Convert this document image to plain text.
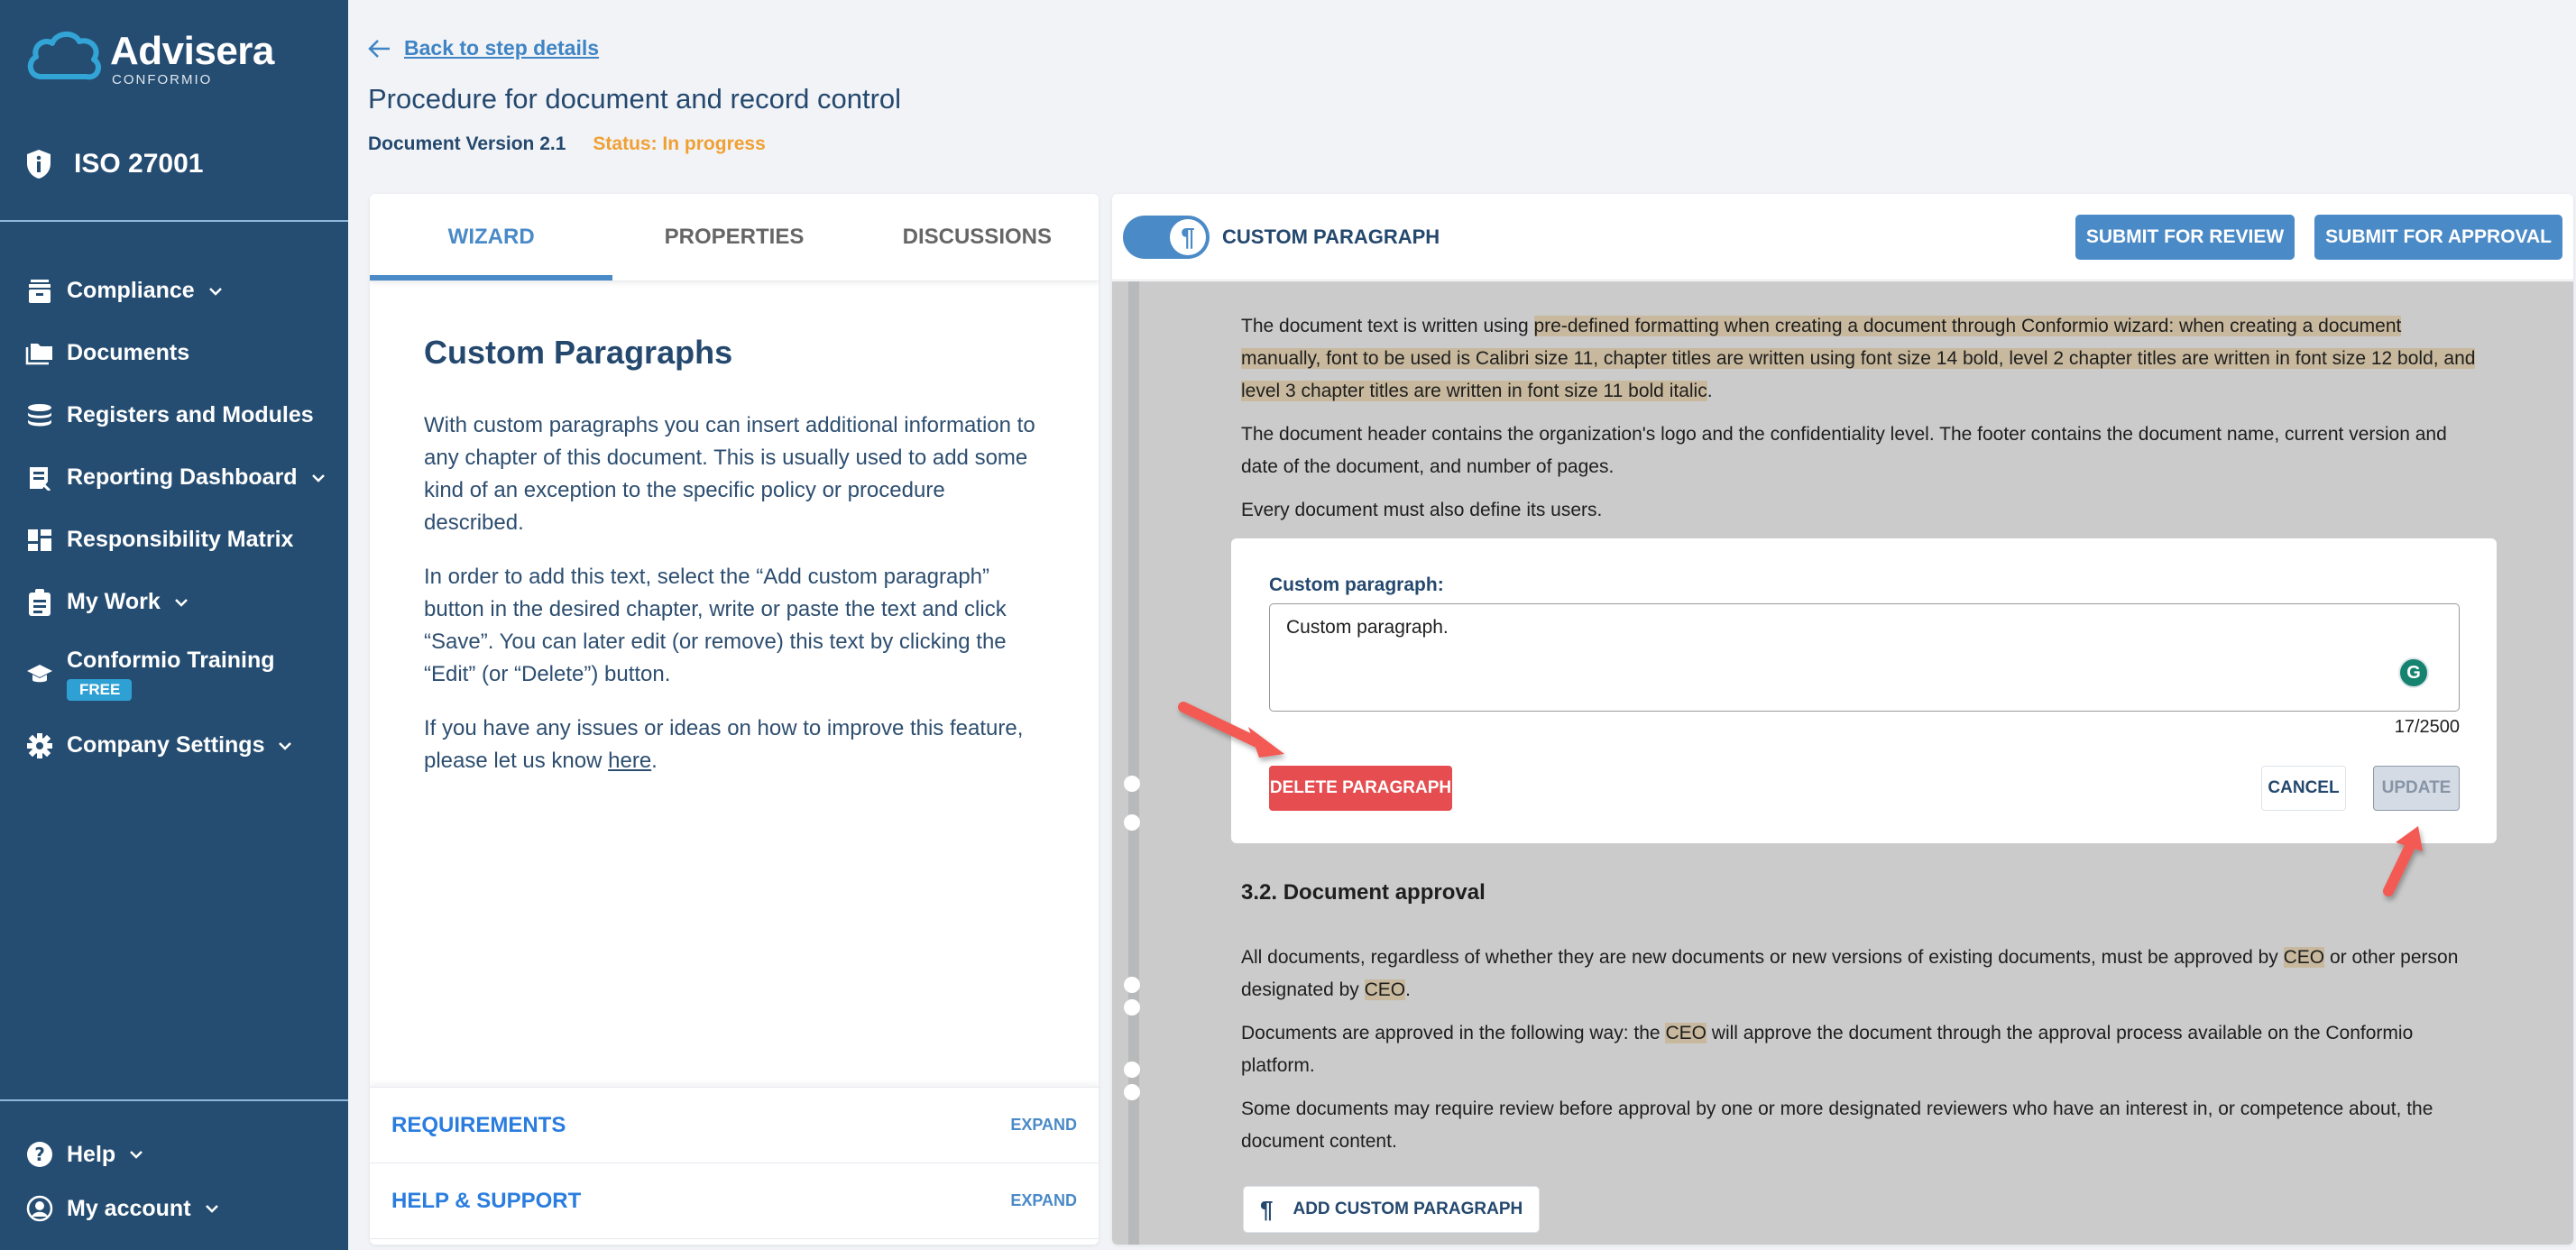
Advisera
CONFORMIO
ISO 27001
Compliance
Documents
Registers and Modules
Reporting Dashboard
Responsibility Matrix
My Work
Conformio Training
FREE
Company Settings
? Help
My account
Back to step details
Procedure for document and record control
Document Version 2.1 Status: In progress
WIZARD	PROPERTIES	DISCUSSIONS
Custom Paragraphs

With custom paragraphs you can insert additional information to any chapter of this document. This is usually used to add some kind of an exception to the specific policy or procedure described.

In order to add this text, select the “Add custom paragraph” button in the desired chapter, write or paste the text and click “Save”. You can later edit (or remove) this text by clicking the “Edit” (or “Delete”) button.

If you have any issues or ideas on how to improve this feature, please let us know here.

REQUIREMENTS	EXPAND
HELP & SUPPORT	EXPAND
¶	CUSTOM PARAGRAPH	SUBMIT FOR REVIEW	SUBMIT FOR APPROVAL

The document text is written using pre-defined formatting when creating a document through Conformio wizard: when creating a document manually, font to be used is Calibri size 11, chapter titles are written using font size 14 bold, level 2 chapter titles are written in font size 12 bold, and level 3 chapter titles are written in font size 11 bold italic.

The document header contains the organization's logo and the confidentiality level. The footer contains the document name, current version and date of the document, and number of pages.

Every document must also define its users.

Custom paragraph:
Custom paragraph.
G
17/2500
DELETE PARAGRAPH	CANCEL	UPDATE

3.2. Document approval

All documents, regardless of whether they are new documents or new versions of existing documents, must be approved by CEO or other person designated by CEO.

Documents are approved in the following way: the CEO will approve the document through the approval process available on the Conformio platform.

Some documents may require review before approval by one or more designated reviewers who have an interest in, or competence about, the document content.

¶ ADD CUSTOM PARAGRAPH
